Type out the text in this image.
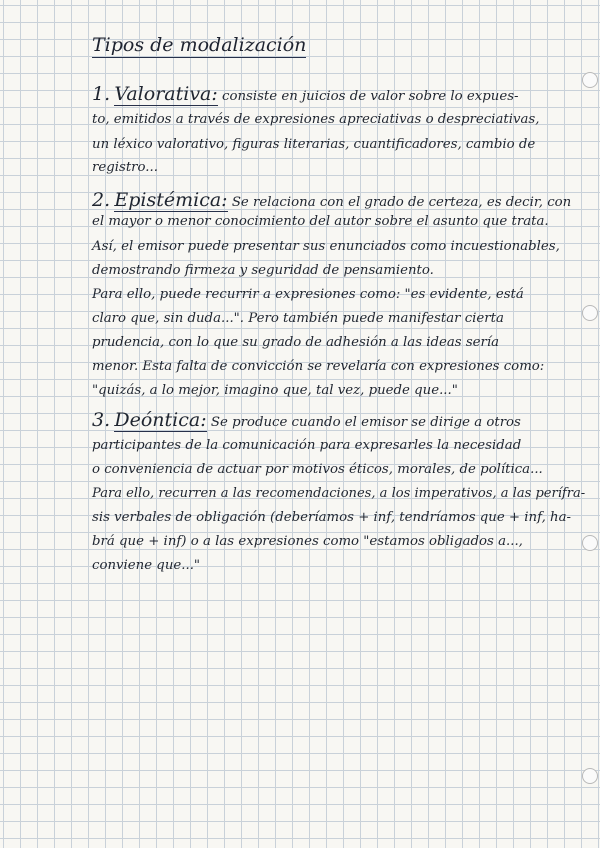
Tipos de modalización
1. Valorativa: consiste en juicios de valor sobre lo expues-
to, emitidos a través de expresiones apreciativas o despreciativas,
un léxico valorativo, figuras literarias, cuantificadores, cambio de
registro...
2. Epistémica: Se relaciona con el grado de certeza, es decir, con
el mayor o menor conocimiento del autor sobre el asunto que trata.
Así, el emisor puede presentar sus enunciados como incuestionables,
demostrando firmeza y seguridad de pensamiento.
Para ello, puede recurrir a expresiones como: "es evidente, está
claro que, sin duda...". Pero también puede manifestar cierta
prudencia, con lo que su grado de adhesión a las ideas sería
menor. Esta falta de convicción se revelaría con expresiones como:
"quizás, a lo mejor, imagino que, tal vez, puede que..."
3. Deóntica: Se produce cuando el emisor se dirige a otros
participantes de la comunicación para expresarles la necesidad
o conveniencia de actuar por motivos éticos, morales, de política...
Para ello, recurren a las recomendaciones, a los imperativos, a las perífra-
sis verbales de obligación (deberíamos + inf, tendríamos que + inf, ha-
brá que + inf) o a las expresiones como "estamos obligados a...,
conviene que..."
